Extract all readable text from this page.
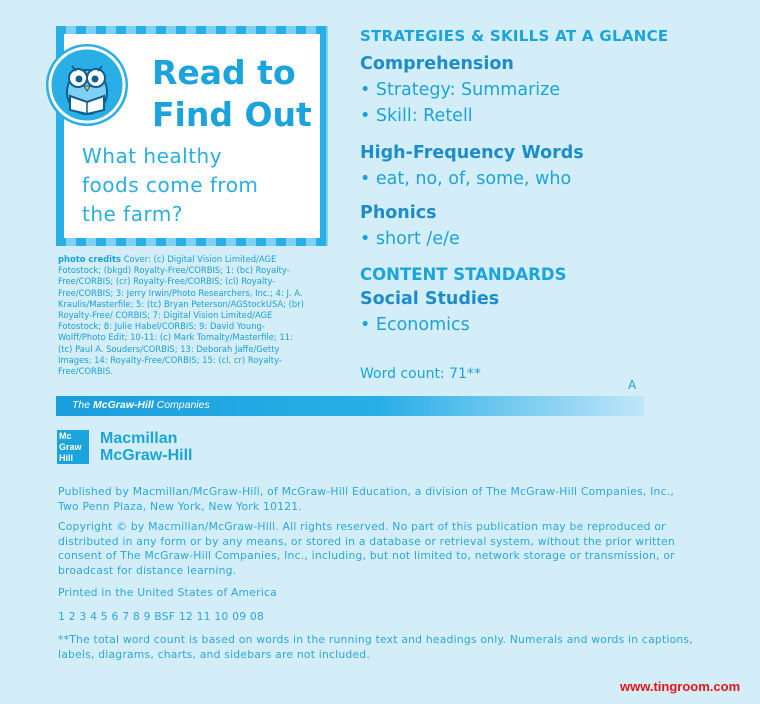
Read to
Find Out
What healthy
foods come from
the farm?
photo credits Cover: (c) Digital Vision Limited/AGE Fotostock; (bkgd) Royalty-Free/CORBIS; 1: (bc) Royalty-Free/CORBIS; (cr) Royalty-Free/CORBIS; (cl) Royalty-Free/CORBIS; 3: Jerry Irwin/Photo Researchers, Inc.; 4: J. A. Kraulis/Masterfile; 5: (tc) Bryan Peterson/AGStockUSA; (br) Royalty-Free/ CORBIS; 7: Digital Vision Limited/AGE Fotostock; 8: Julie Habel/CORBIS; 9: David Young-Wolff/Photo Edit; 10-11: (c) Mark Tomalty/Masterfile; 11: (tc) Paul A. Souders/CORBIS; 13: Deborah Jaffe/Getty Images; 14: Royalty-Free/CORBIS; 15: (cl, cr) Royalty-Free/CORBIS.
STRATEGIES & SKILLS AT A GLANCE
Comprehension
• Strategy: Summarize
• Skill: Retell
High-Frequency Words
• eat, no, of, some, who
Phonics
• short /e/e
CONTENT STANDARDS
Social Studies
• Economics
Word count: 71**
A
The McGraw-Hill Companies
Mc
Graw
Hill
Macmillan
McGraw-Hill
Published by Macmillan/McGraw-Hill, of McGraw-Hill Education, a division of The McGraw-Hill Companies, Inc., Two Penn Plaza, New York, New York 10121.
Copyright © by Macmillan/McGraw-Hill. All rights reserved. No part of this publication may be reproduced or distributed in any form or by any means, or stored in a database or retrieval system, without the prior written consent of The McGraw-Hill Companies, Inc., including, but not limited to, network storage or transmission, or broadcast for distance learning.
Printed in the United States of America
1 2 3 4 5 6 7 8 9 BSF 12 11 10 09 08
**The total word count is based on words in the running text and headings only. Numerals and words in captions, labels, diagrams, charts, and sidebars are not included.
www.tingroom.com
